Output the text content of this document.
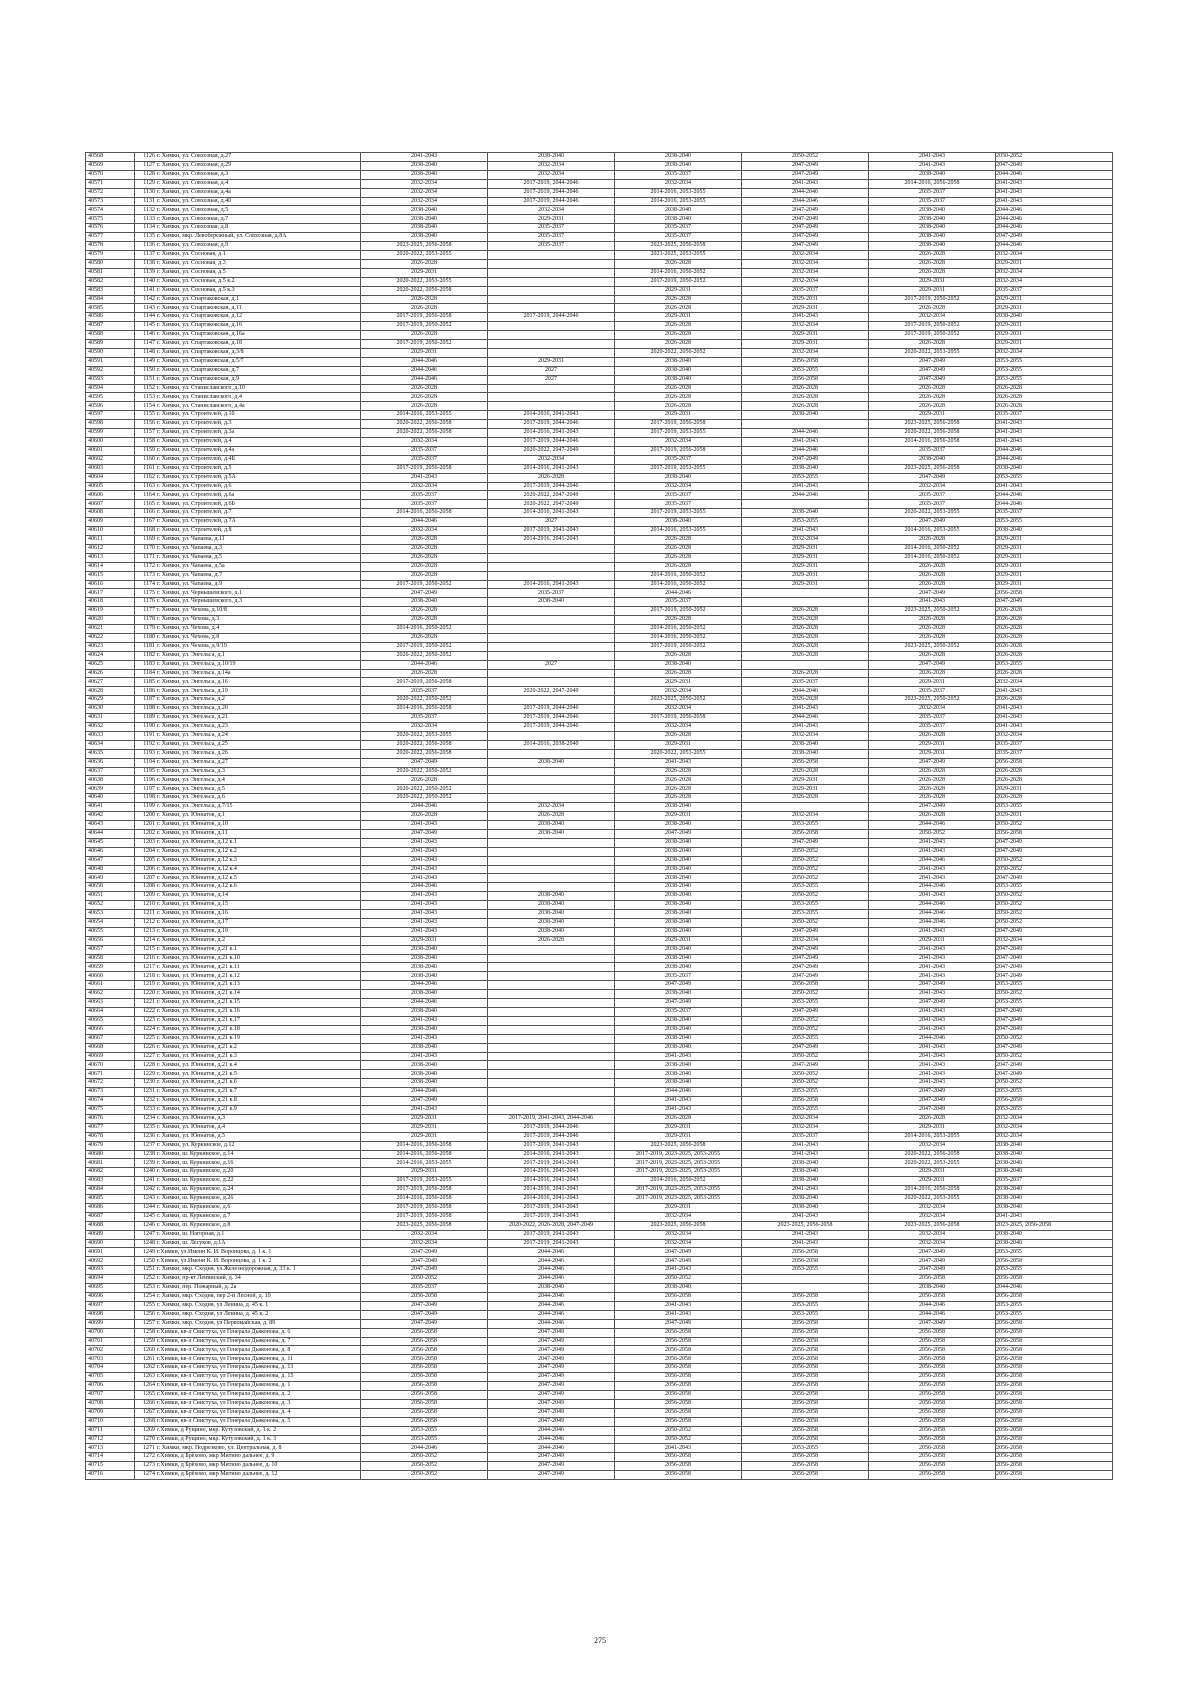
40568	1126	г. Химки, ул. Совхозная, д.27	2041-2043	2038-2040	2038-2040	2050-2052	2041-2043	2050-2052
40569	1127	г. Химки, ул. Совхозная, д.29	2038-2040	2032-2034	2038-2040	2047-2049	2041-2043	2047-2049
40570	1128	г. Химки, ул. Совхозная, д.3	2038-2040	2032-2034	2035-2037	2047-2049	2038-2040	2044-2046
40571	1129	г. Химки, ул. Совхозная, д.4	2032-2034	2017-2019, 2044-2046	2032-2034	2041-2043	2014-2016, 2056-2058	2041-2043
40572	1130	г. Химки, ул. Совхозная, д.4а	2032-2034	2017-2019, 2044-2046	2014-2016, 2053-2055	2044-2046	2035-2037	2041-2043
40573	1131	г. Химки, ул. Совхозная, д.40	2032-2034	2017-2019, 2044-2046	2014-2016, 2053-2055	2044-2046	2035-2037	2041-2043
40574	1132	г. Химки, ул. Совхозная, д.5	2038-2040	2032-2034	2038-2040	2047-2049	2038-2040	2044-2046
40575	1133	г. Химки, ул. Совхозная, д.7	2038-2040	2029-2031	2038-2040	2047-2049	2038-2040	2044-2046
40576	1134	г. Химки, ул. Совхозная, д.8	2038-2040	2035-2037	2035-2037	2047-2049	2038-2040	2044-2046
40577	1135	г. Химки, мкр. Левобережный, ул. Совхозная, д.8А	2038-2040	2035-2037	2035-2037	2047-2049	2038-2040	2047-2049
40578	1136	г. Химки, ул. Совхозная, д.9	2023-2025, 2056-2058	2035-2037	2023-2025, 2056-2058	2047-2049	2038-2040	2044-2046
40579	1137	г. Химки, ул. Сосновая, д.1	2020-2022, 2053-2055		2023-2025, 2053-2055	2032-2034	2026-2028	2032-2034
40580	1138	г. Химки, ул. Сосновая, д.3	2026-2028		2026-2028	2032-2034	2026-2028	2029-2031
40581	1139	г. Химки, ул. Сосновая, д.5	2029-2031		2014-2016, 2050-2052	2032-2034	2026-2028	2032-2034
40582	1140	г. Химки, ул. Сосновая, д.5 к.2	2020-2022, 2053-2055		2017-2019, 2050-2052	2032-2034	2029-2031	2032-2034
40583	1141	г. Химки, ул. Сосновая, д.5 к.3	2020-2022, 2056-2058		2029-2031	2035-2037	2029-2031	2035-2037
40584	1142	г. Химки, ул. Спартаковская, д.1	2026-2028		2026-2028	2029-2031	2017-2019, 2050-2052	2029-2031
40585	1143	г. Химки, ул. Спартаковская, д.11	2026-2028		2026-2028	2029-2031	2026-2028	2029-2031
40586	1144	г. Химки, ул. Спартаковская, д.12	2017-2019, 2056-2058	2017-2019, 2044-2046	2029-2031	2041-2043	2032-2034	2038-2040
40587	1145	г. Химки, ул. Спартаковская, д.16	2017-2019, 2050-2052		2026-2028	2032-2034	2017-2019, 2050-2052	2029-2031
40588	1146	г. Химки, ул. Спартаковская, д.16а	2026-2028		2026-2028	2029-2031	2017-2019, 2050-2052	2029-2031
40589	1147	г. Химки, ул. Спартаковская, д.18	2017-2019, 2050-2052		2026-2028	2029-2031	2026-2028	2029-2031
40590	1148	г. Химки, ул. Спартаковская, д.3/8	2029-2031		2020-2022, 2050-2052	2032-2034	2020-2022, 2053-2055	2032-2034
40591	1149	г. Химки, ул. Спартаковская, д.5/7	2044-2046	2029-2031	2038-2040	2056-2058	2047-2049	2053-2055
40592	1150	г. Химки, ул. Спартаковская, д.7	2044-2046	2027	2038-2040	2053-2055	2047-2049	2053-2055
40593	1151	г. Химки, ул. Спартаковская, д.9	2044-2046	2027	2038-2040	2056-2058	2047-2049	2053-2055
40594	1152	г. Химки, ул. Станиславского, д.10	2026-2028		2026-2028	2026-2028	2026-2028	2026-2028
40595	1153	г. Химки, ул. Станиславского, д.4	2026-2028		2026-2028	2026-2028	2026-2028	2026-2028
40596	1154	г. Химки, ул. Станиславского, д.4а	2026-2028		2026-2028	2026-2028	2026-2028	2026-2028
40597	1155	г. Химки, ул. Строителей, д.10	2014-2016, 2053-2055	2014-2016, 2041-2043	2029-2031	2038-2040	2029-2031	2035-2037
40598	1156	г. Химки, ул. Строителей, д.3	2020-2022, 2056-2058	2017-2019, 2044-2046	2017-2019, 2056-2058		2023-2025, 2056-2058	2041-2043
40599	1157	г. Химки, ул. Строителей, д.3а	2020-2022, 2056-2058	2014-2016, 2041-2043	2017-2019, 2053-2055	2044-2046	2020-2022, 2056-2058	2041-2043
40600	1158	г. Химки, ул. Строителей, д.4	2032-2034	2017-2019, 2044-2046	2032-2034	2041-2043	2014-2016, 2056-2058	2041-2043
40601	1159	г. Химки, ул. Строителей, д.4а	2035-2037	2020-2022, 2047-2049	2017-2019, 2056-2058	2044-2046	2035-2037	2044-2046
40602	1160	г. Химки, ул. Строителей, д.4Б	2035-2037	2032-2034	2035-2037	2047-2049	2038-2040	2044-2046
40603	1161	г. Химки, ул. Строителей, д.5	2017-2019, 2056-2058	2014-2016, 2041-2043	2017-2019, 2053-2055	2038-2040	2023-2025, 2056-2058	2038-2040
40604	1162	г. Химки, ул. Строителей, д.5А	2041-2043	2026-2028	2038-2040	2053-2055	2047-2049	2053-2055
40605	1163	г. Химки, ул. Строителей, д.6	2032-2034	2017-2019, 2044-2046	2032-2034	2041-2043	2032-2034	2041-2043
40606	1164	г. Химки, ул. Строителей, д.6а	2035-2037	2020-2022, 2047-2049	2035-2037	2044-2046	2035-2037	2044-2046
40607	1165	г. Химки, ул. Строителей, д.6Б	2035-2037	2020-2022, 2047-2049	2035-2037		2035-2037	2044-2046
40608	1166	г. Химки, ул. Строителей, д.7	2014-2016, 2056-2058	2014-2016, 2041-2043	2017-2019, 2053-2055	2038-2040	2020-2022, 2053-2055	2035-2037
40609	1167	г. Химки, ул. Строителей, д.7А	2044-2046	2027	2038-2040	2053-2055	2047-2049	2053-2055
40610	1168	г. Химки, ул. Строителей, д.8	2032-2034	2017-2019, 2041-2043	2014-2016, 2053-2055	2041-2043	2014-2016, 2053-2055	2038-2040
40611	1169	г. Химки, ул. Чапаева, д.11	2026-2028	2014-2016, 2041-2043	2026-2028	2032-2034	2026-2028	2029-2031
40612	1170	г. Химки, ул. Чапаева, д.3	2026-2028		2026-2028	2029-2031	2014-2016, 2050-2052	2029-2031
40613	1171	г. Химки, ул. Чапаева, д.5	2026-2028		2026-2028	2029-2031	2014-2016, 2050-2052	2029-2031
40614	1172	г. Химки, ул. Чапаева, д.5а	2026-2028		2026-2028	2029-2031	2026-2028	2029-2031
40615	1173	г. Химки, ул. Чапаева, д.7	2026-2028		2014-2016, 2050-2052	2029-2031	2026-2028	2029-2031
40616	1174	г. Химки, ул. Чапаева, д.9	2017-2019, 2050-2052	2014-2016, 2041-2043	2014-2016, 2050-2052	2029-2031	2026-2028	2029-2031
40617	1175	г. Химки, ул. Чернышевского, д.1	2047-2049	2035-2037	2044-2046		2047-2049	2056-2058
40618	1176	г. Химки, ул. Чернышевского, д.3	2038-2040	2038-2040	2035-2037		2041-2043	2047-2049
40619	1177	г. Химки, ул. Чехова, д.10/8	2026-2028		2017-2019, 2050-2052	2026-2028	2023-2025, 2050-2052	2026-2028
40620	1178	г. Химки, ул. Чехова, д.3	2026-2028		2026-2028	2026-2028	2026-2028	2026-2028
40621	1179	г. Химки, ул. Чехова, д.4	2014-2016, 2050-2052		2014-2016, 2050-2052	2026-2028	2026-2028	2026-2028
40622	1180	г. Химки, ул. Чехова, д.8	2026-2028		2014-2016, 2050-2052	2026-2028	2026-2028	2026-2028
40623	1181	г. Химки, ул. Чехова, д.9/19	2017-2019, 2050-2052		2017-2019, 2050-2052	2026-2028	2023-2025, 2050-2052	2026-2028
40624	1182	г. Химки, ул. Энгельса, д.1	2026-2022, 2050-2052		2026-2028	2026-2028	2026-2028	2026-2028
40625	1183	г. Химки, ул. Энгельса, д.10/19	2044-2046	2027	2038-2040		2047-2049	2053-2055
40626	1184	г. Химки, ул. Энгельса, д.14а	2026-2028		2026-2028	2026-2028	2026-2028	2026-2028
40627	1185	г. Химки, ул. Энгельса, д.16	2017-2019, 2056-2058		2029-2031	2035-2037	2029-2031	2032-2034
40628	1186	г. Химки, ул. Энгельса, д.19	2035-2037	2020-2022, 2047-2049	2032-2034	2044-2046	2035-2037	2041-2043
40629	1187	г. Химки, ул. Энгельса, д.2	2020-2022, 2050-2052		2023-2025, 2050-2052	2026-2028	2023-2025, 2050-2052	2026-2028
40630	1188	г. Химки, ул. Энгельса, д.20	2014-2016, 2056-2058	2017-2019, 2044-2046	2032-2034	2041-2043	2032-2034	2041-2043
40631	1189	г. Химки, ул. Энгельса, д.21	2035-2037	2017-2019, 2044-2046	2017-2019, 2056-2058	2044-2046	2035-2037	2041-2043
40632	1190	г. Химки, ул. Энгельса, д.23	2032-2034	2017-2019, 2044-2046	2032-2034	2041-2043	2035-2037	2041-2043
40633	1191	г. Химки, ул. Энгельса, д.24	2020-2022, 2053-2055		2026-2028	2032-2034	2026-2028	2032-2034
40634	1192	г. Химки, ул. Энгельса, д.25	2020-2022, 2056-2058	2014-2016, 2038-2040	2029-2031	2038-2040	2029-2031	2035-2037
40635	1193	г. Химки, ул. Энгельса, д.26	2020-2022, 2056-2058		2020-2022, 2053-2055	2038-2040	2029-2031	2035-2037
40636	1194	г. Химки, ул. Энгельса, д.27	2047-2049	2038-2040	2041-2043	2056-2058	2047-2049	2056-2058
40637	1195	г. Химки, ул. Энгельса, д.3	2020-2022, 2050-2052		2026-2028	2026-2028	2026-2028	2026-2028
40638	1196	г. Химки, ул. Энгельса, д.4	2026-2028		2026-2028	2029-2031	2026-2028	2026-2028
40639	1197	г. Химки, ул. Энгельса, д.5	2020-2022, 2050-2052		2026-2028	2029-2031	2026-2028	2029-2031
40640	1198	г. Химки, ул. Энгельса, д.6	2020-2022, 2050-2052		2026-2028	2026-2028	2026-2028	2026-2028
40641	1199	г. Химки, ул. Энгельса, д.7/15	2044-2046	2032-2034	2038-2040		2047-2049	2053-2055
40642	1200	г. Химки, ул. Юннатов, д.1	2026-2028	2026-2028	2029-2031	2032-2034	2026-2028	2029-2031
40643	1201	г. Химки, ул. Юннатов, д.10	2041-2043	2038-2040	2038-2040	2053-2055	2044-2046	2050-2052
40644	1202	г. Химки, ул. Юннатов, д.11	2047-2049	2038-2040	2047-2049	2056-2058	2050-2052	2056-2058
40645	1203	г. Химки, ул. Юннатов, д.12 к.1	2041-2043		2038-2040	2047-2049	2041-2043	2047-2049
40646	1204	г. Химки, ул. Юннатов, д.12 к.2	2041-2043		2038-2040	2050-2052	2041-2043	2047-2049
40647	1205	г. Химки, ул. Юннатов, д.12 к.3	2041-2043		2038-2040	2050-2052	2044-2046	2050-2052
40648	1206	г. Химки, ул. Юннатов, д.12 к.4	2041-2043		2038-2040	2050-2052	2041-2043	2050-2052
40649	1207	г. Химки, ул. Юннатов, д.12 к.5	2041-2043		2038-2040	2050-2052	2041-2043	2047-2049
40650	1208	г. Химки, ул. Юннатов, д.12 к.6	2044-2046		2038-2040	2053-2055	2044-2046	2053-2055
40651	1209	г. Химки, ул. Юннатов, д.14	2041-2043	2038-2040	2038-2040	2050-2052	2041-2043	2050-2052
40652	1210	г. Химки, ул. Юннатов, д.15	2041-2043	2038-2040	2038-2040	2053-2055	2044-2046	2050-2052
40653	1211	г. Химки, ул. Юннатов, д.16	2041-2043	2038-2040	2038-2040	2053-2055	2044-2046	2050-2052
40654	1212	г. Химки, ул. Юннатов, д.17	2041-2043	2038-2040	2038-2040	2050-2052	2044-2046	2050-2052
40655	1213	г. Химки, ул. Юннатов, д.19	2041-2043	2038-2040	2038-2040	2047-2049	2041-2043	2047-2049
40656	1214	г. Химки, ул. Юннатов, д.2	2029-2031	2026-2028	2029-2031	2032-2034	2029-2031	2032-2034
40657	1215	г. Химки, ул. Юннатов, д.21 к.1	2038-2040		2038-2040	2047-2049	2041-2043	2047-2049
40658	1216	г. Химки, ул. Юннатов, д.21 к.10	2038-2040		2038-2040	2047-2049	2041-2043	2047-2049
40659	1217	г. Химки, ул. Юннатов, д.21 к.11	2038-2040		2038-2040	2047-2049	2041-2043	2047-2049
40660	1218	г. Химки, ул. Юннатов, д.21 к.12	2038-2040		2035-2037	2047-2049	2041-2043	2047-2049
40661	1219	г. Химки, ул. Юннатов, д.21 к.13	2044-2046		2047-2049	2056-2058	2047-2049	2053-2055
40662	1220	г. Химки, ул. Юннатов, д.21 к.14	2038-2040		2038-2040	2050-2052	2041-2043	2050-2052
40663	1221	г. Химки, ул. Юннатов, д.21 к.15	2044-2046		2047-2049	2053-2055	2047-2049	2053-2055
40664	1222	г. Химки, ул. Юннатов, д.21 к.16	2038-2040		2035-2037	2047-2049	2041-2043	2047-2049
40665	1223	г. Химки, ул. Юннатов, д.21 к.17	2041-2043		2038-2040	2050-2052	2041-2043	2047-2049
40666	1224	г. Химки, ул. Юннатов, д.21 к.18	2038-2040		2038-2040	2050-2052	2041-2043	2047-2049
40667	1225	г. Химки, ул. Юннатов, д.21 к.19	2041-2043		2038-2040	2053-2055	2044-2046	2050-2052
40668	1226	г. Химки, ул. Юннатов, д.21 к.2	2038-2040		2038-2040	2047-2049	2041-2043	2047-2049
40669	1227	г. Химки, ул. Юннатов, д.21 к.3	2041-2043		2041-2043	2050-2052	2041-2043	2050-2052
40670	1228	г. Химки, ул. Юннатов, д.21 к.4	2038-2040		2038-2040	2047-2049	2041-2043	2047-2049
40671	1229	г. Химки, ул. Юннатов, д.21 к.5	2038-2040		2038-2040	2050-2052	2041-2043	2047-2049
40672	1230	г. Химки, ул. Юннатов, д.21 к.6	2038-2040		2038-2040	2050-2052	2041-2043	2050-2052
40673	1231	г. Химки, ул. Юннатов, д.21 к.7	2044-2046		2044-2046	2053-2055	2047-2049	2053-2055
40674	1232	г. Химки, ул. Юннатов, д.21 к.8	2047-2049		2041-2043	2056-2058	2047-2049	2056-2058
40675	1233	г. Химки, ул. Юннатов, д.21 к.9	2041-2043		2041-2043	2053-2055	2047-2049	2053-2055
40676	1234	г. Химки, ул. Юннатов, д.3	2029-2031	2017-2019, 2041-2043, 2044-2046	2026-2028	2032-2034	2026-2028	2032-2034
40677	1235	г. Химки, ул. Юннатов, д.4	2029-2031	2017-2019, 2044-2046	2029-2031	2032-2034	2029-2031	2032-2034
40678	1236	г. Химки, ул. Юннатов, д.5	2029-2031	2017-2019, 2044-2046	2029-2031	2035-2037	2014-2016, 2053-2055	2032-2034
40679	1237	г. Химки, ул. Куркинское, д.12	2014-2016, 2056-2058	2017-2019, 2041-2043	2023-2025, 2056-2058	2041-2043	2032-2034	2038-2040
40680	1238	г. Химки, ш. Куркинское, д.14	2014-2016, 2056-2058	2014-2016, 2041-2043	2017-2019, 2023-2025, 2053-2055	2041-2043	2020-2022, 2056-2058	2038-2040
40681	1239	г. Химки, ш. Куркинское, д.16	2014-2016, 2053-2055	2017-2019, 2041-2043	2017-2019, 2023-2025, 2053-2055	2038-2040	2020-2022, 2053-2055	2038-2040
40682	1240	г. Химки, ш. Куркинское, д.20	2029-2031	2014-2016, 2041-2043	2017-2019, 2023-2025, 2053-2055	2038-2040	2029-2031	2038-2040
40683	1241	г. Химки, ш. Куркинское, д.22	2017-2019, 2053-2055	2014-2016, 2041-2043	2014-2016, 2050-2052	2038-2040	2029-2031	2035-2037
40684	1242	г. Химки, ш. Куркинское, д.24	2017-2019, 2056-2058	2014-2016, 2041-2043	2017-2019, 2023-2025, 2053-2055	2041-2043	2014-2016, 2056-2058	2038-2040
40685	1243	г. Химки, ш. Куркинское, д.26	2014-2016, 2056-2058	2014-2016, 2041-2043	2017-2019, 2023-2025, 2053-2055	2038-2040	2020-2022, 2053-2055	2038-2040
40686	1244	г. Химки, ш. Куркинское, д.6	2017-2019, 2056-2058	2017-2019, 2041-2043	2029-2031	2038-2040	2032-2034	2038-2040
40687	1245	г. Химки, ш. Куркинское, д.7	2017-2019, 2056-2058	2017-2019, 2041-2043	2032-2034	2041-2043	2032-2034	2041-2043
40688	1246	г. Химки, ш. Куркинское, д.8	2023-2025, 2056-2058	2020-2022, 2026-2028, 2047-2049	2023-2025, 2056-2058	2023-2025, 2056-2058	2023-2025, 2056-2058	2023-2025, 2056-2058
40689	1247	г. Химки, ш. Нагорная, д.1	2032-2034	2017-2019, 2041-2043	2032-2034	2041-2043	2032-2034	2038-2040
40690	1248	г. Химки, ш. Лесуков, д.1А	2032-2034	2017-2019, 2041-2043	2032-2034	2041-2043	2032-2034	2038-2040
40691	1249	г.Химки, ул.Имени К. И. Воронцова, д. 1 к. 1	2047-2049	2044-2046	2047-2049	2056-2058	2047-2049	2053-2055
40692	1250	г.Химки, ул.Имени К. И. Воронцова, д. 1 к. 2	2047-2049	2044-2046	2047-2049	2056-2058	2047-2049	2056-2058
40693	1251	г. Химки, мкр. Сходня, ул.Железнодорожная, д. 33 к. 1	2047-2049	2044-2046	2041-2043	2053-2055	2047-2049	2053-2055
40694	1252	г. Химки, пр-кт Ленинский, д. 34	2050-2052	2044-2046	2050-2052		2056-2058	2056-2058
40695	1253	г. Химки, пер. Пожарный, д. 2а	2035-2037	2038-2040	2038-2040		2038-2040	2044-2046
40696	1254	г. Химки, мкр. Сходня, пер 2-й Лесной, д. 10	2056-2058	2044-2046	2056-2058	2056-2058	2056-2058	2056-2058
40697	1255	г. Химки, мкр. Сходня, ул Ленина, д. 45 к. 1	2047-2049	2044-2046	2041-2043	2053-2055	2044-2046	2053-2055
40698	1256	г. Химки, мкр. Сходня, ул Ленина, д. 45 к. 2	2047-2049	2044-2046	2041-2043	2053-2055	2044-2046	2053-2055
40699	1257	г. Химки, мкр. Сходня, ул Первомайская, д. 89	2047-2049	2044-2046	2047-2049	2056-2058	2047-2049	2056-2058
40700	1258	г.Химки, кв-л Свистуха, ул Генерала Дьяконова, д. 6	2056-2058	2047-2049	2056-2058	2056-2058	2056-2058	2056-2058
40701	1259	г.Химки, кв-л Свистуха, ул Генерала Дьяконова, д. 7	2056-2058	2047-2049	2056-2058	2056-2058	2056-2058	2056-2058
40702	1260	г.Химки, кв-л Свистуха, ул Генерала Дьяконова, д. 8	2056-2058	2047-2049	2056-2058	2056-2058	2056-2058	2056-2058
40703	1261	г.Химки, кв-л Свистуха, ул Генерала Дьяконова, д. 11	2056-2058	2047-2049	2056-2058	2056-2058	2056-2058	2056-2058
40704	1262	г.Химки, кв-л Свистуха, ул Генерала Дьяконова, д. 13	2056-2058	2047-2049	2056-2058	2056-2058	2056-2058	2056-2058
40705	1263	г.Химки, кв-л Свистуха, ул Генерала Дьяконова, д. 15	2056-2058	2047-2049	2056-2058	2056-2058	2056-2058	2056-2058
40706	1264	г.Химки, кв-л Свистуха, ул Генерала Дьяконова, д. 1	2056-2058	2047-2049	2056-2058	2056-2058	2056-2058	2056-2058
40707	1265	г.Химки, кв-л Свистуха, ул Генерала Дьяконова, д. 2	2056-2058	2047-2049	2056-2058	2056-2058	2056-2058	2056-2058
40708	1266	г.Химки, кв-л Свистуха, ул Генерала Дьяконова, д. 3	2056-2058	2047-2049	2056-2058	2056-2058	2056-2058	2056-2058
40709	1267	г.Химки, кв-л Свистуха, ул Генерала Дьяконова, д. 4	2056-2058	2047-2049	2056-2058	2056-2058	2056-2058	2056-2058
40710	1268	г.Химки, кв-л Свистуха, ул Генерала Дьяконова, д. 5	2056-2058	2047-2049	2056-2058	2056-2058	2056-2058	2056-2058
40711	1269	г.Химки, д Рущино, мкр. Кутузовский, д. 1 к. 2	2053-2055	2044-2046	2050-2052	2056-2058	2056-2058	2056-2058
40712	1270	г.Химки, д Рущино, мкр. Кутузовский, д. 1 к. 3	2053-2055	2044-2046	2050-2052	2056-2058	2056-2058	2056-2058
40713	1271	г. Химки, мкр. Подрезково, ул. Центральная, д. 8	2044-2046	2044-2046	2041-2043	2053-2055	2056-2058	2056-2058
40714	1272	г.Химки, д Брёхово, мкр Митино дальнее, д. 9	2050-2052	2047-2049	2056-2058	2056-2058	2056-2058	2056-2058
40715	1273	г.Химки, д Брёхово, мкр Митино дальнее, д. 10	2050-2052	2047-2049	2056-2058	2056-2058	2056-2058	2056-2058
40716	1274	г.Химки, д Брёхово, мкр Митино дальнее, д. 12	2050-2052	2047-2049	2056-2058	2056-2058	2056-2058	2056-2058
275
